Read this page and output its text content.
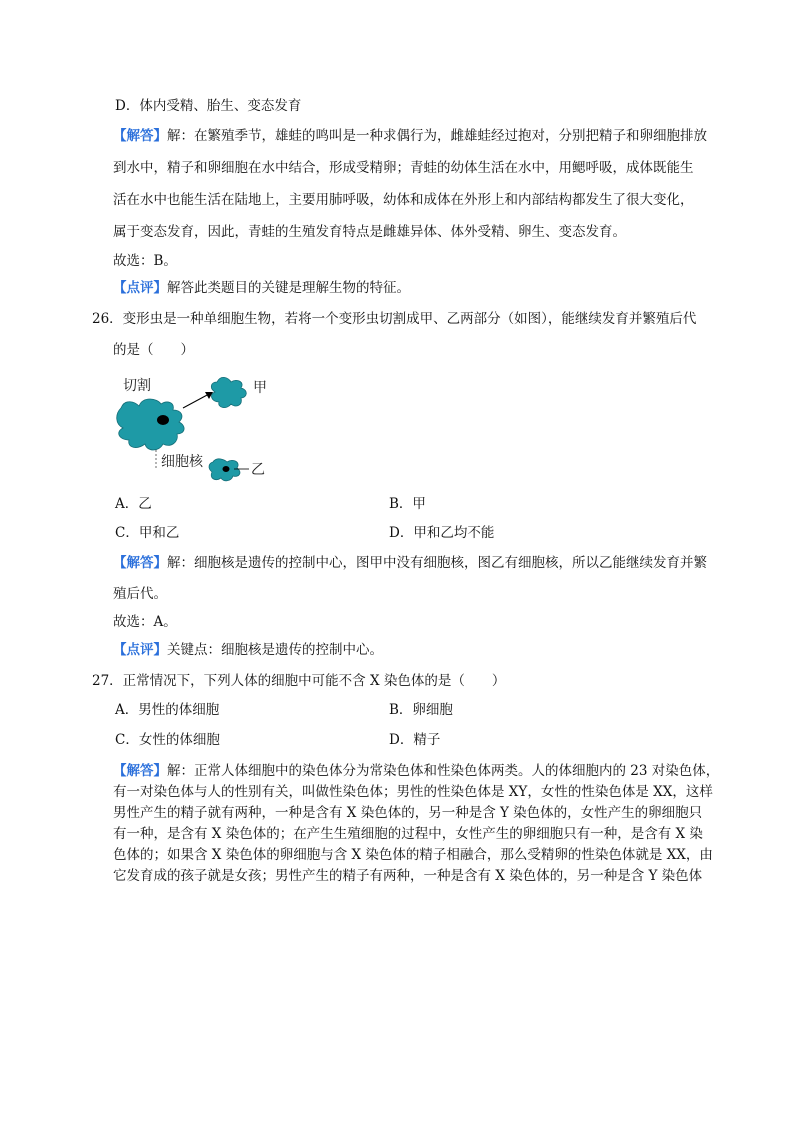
D．体内受精、胎生、变态发育
【解答】解：在繁殖季节，雄蛙的鸣叫是一种求偶行为，雌雄蛙经过抱对，分别把精子和卵细胞排放
到水中，精子和卵细胞在水中结合，形成受精卵；青蛙的幼体生活在水中，用鳃呼吸，成体既能生
活在水中也能生活在陆地上，主要用肺呼吸，幼体和成体在外形上和内部结构都发生了很大变化，
属于变态发育，因此，青蛙的生殖发育特点是雌雄异体、体外受精、卵生、变态发育。
故选：B。
【点评】解答此类题目的关键是理解生物的特征。
26．变形虫是一种单细胞生物，若将一个变形虫切割成甲、乙两部分（如图），能继续发育并繁殖后代
的是（　　）
切割	甲
细胞核	乙
A．乙	B．甲
C．甲和乙	D．甲和乙均不能
【解答】解：细胞核是遗传的控制中心，图甲中没有细胞核，图乙有细胞核，所以乙能继续发育并繁
殖后代。
故选：A。
【点评】关键点：细胞核是遗传的控制中心。
27．正常情况下，下列人体的细胞中可能不含 X 染色体的是（　　）
A．男性的体细胞	B．卵细胞
C．女性的体细胞	D．精子
【解答】解：正常人体细胞中的染色体分为常染色体和性染色体两类。人的体细胞内的 23 对染色体，
有一对染色体与人的性别有关，叫做性染色体；男性的性染色体是 XY，女性的性染色体是 XX，这样
男性产生的精子就有两种，一种是含有 X 染色体的，另一种是含 Y 染色体的，女性产生的卵细胞只
有一种，是含有 X 染色体的；在产生生殖细胞的过程中，女性产生的卵细胞只有一种，是含有 X 染
色体的；如果含 X 染色体的卵细胞与含 X 染色体的精子相融合，那么受精卵的性染色体就是 XX，由
它发育成的孩子就是女孩；男性产生的精子有两种，一种是含有 X 染色体的，另一种是含 Y 染色体
